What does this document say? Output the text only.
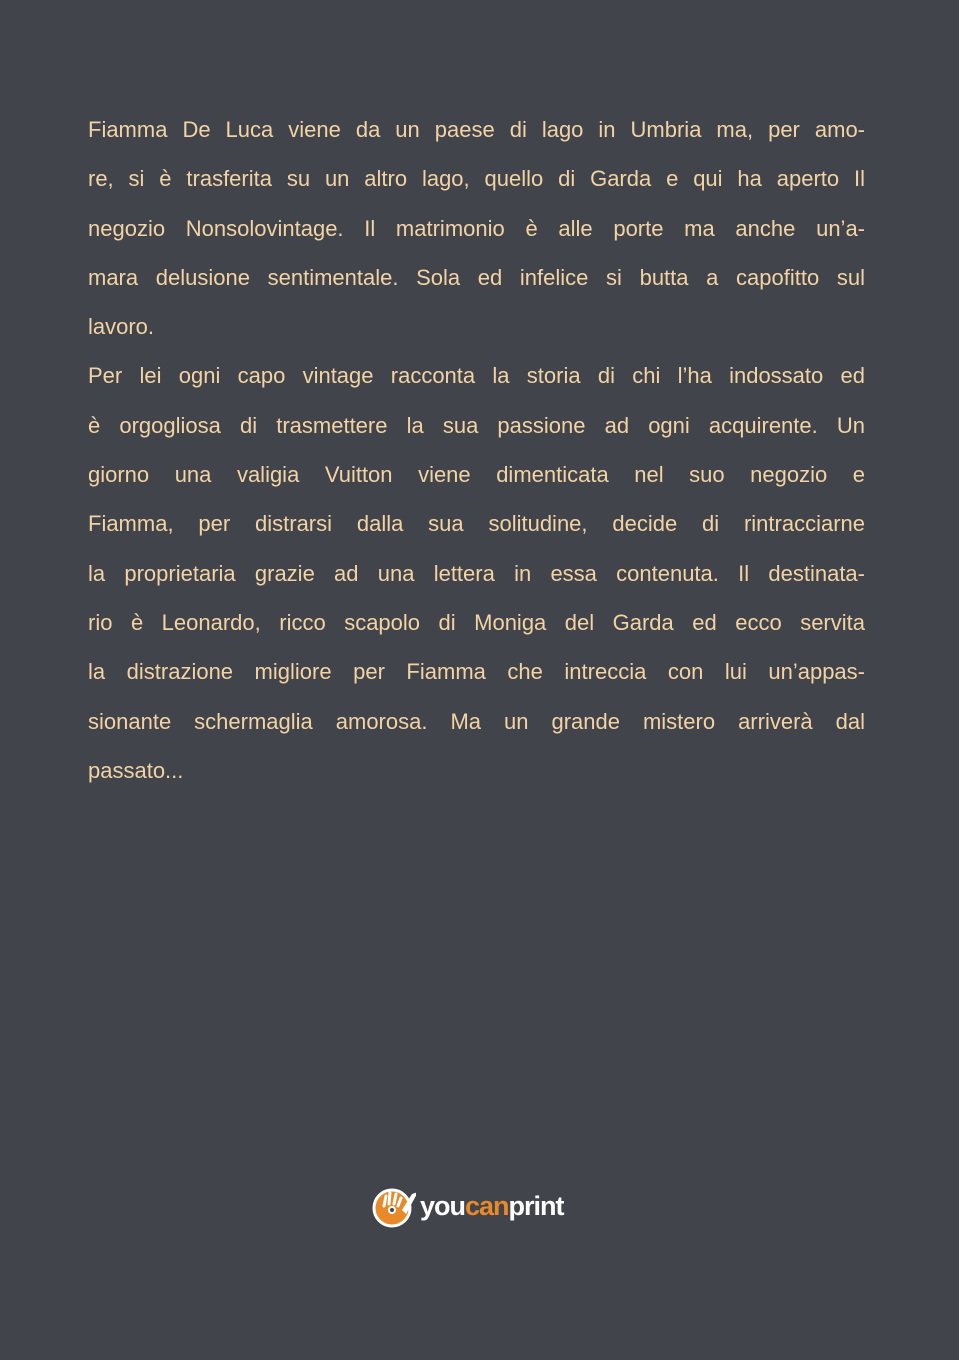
Fiamma De Luca viene da un paese di lago in Umbria ma, per amo-
re, si è trasferita su un altro lago, quello di Garda e qui ha aperto Il
negozio Nonsolovintage. Il matrimonio è alle porte ma anche un’a-
mara delusione sentimentale. Sola ed infelice si butta a capofitto sul
lavoro.
Per lei ogni capo vintage racconta la storia di chi l’ha indossato ed
è orgogliosa di trasmettere la sua passione ad ogni acquirente. Un
giorno una valigia Vuitton viene dimenticata nel suo negozio e
Fiamma, per distrarsi dalla sua solitudine, decide di rintracciarne
la proprietaria grazie ad una lettera in essa contenuta. Il destinata-
rio è Leonardo, ricco scapolo di Moniga del Garda ed ecco servita
la distrazione migliore per Fiamma che intreccia con lui un’appas-
sionante schermaglia amorosa. Ma un grande mistero arriverà dal
passato...
youcanprint
